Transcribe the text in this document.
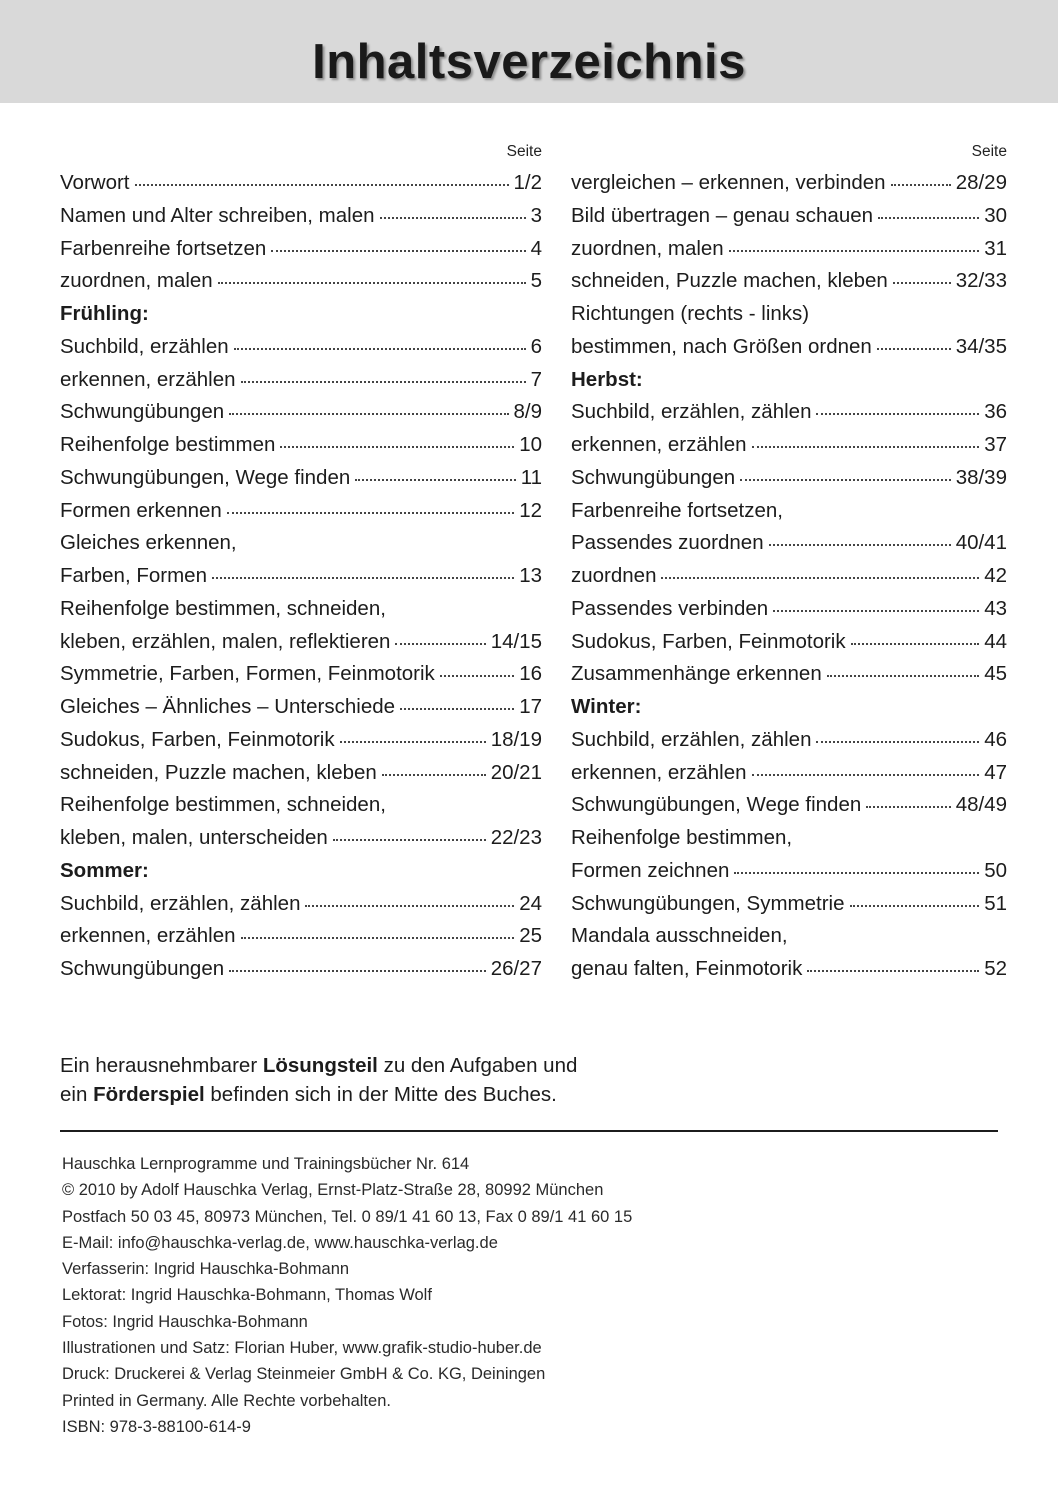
Inhaltsverzeichnis
Seite
Vorwort	1/2
Namen und Alter schreiben, malen	3
Farbenreihe fortsetzen	4
zuordnen, malen	5
Frühling:
Suchbild, erzählen	6
erkennen, erzählen	7
Schwungübungen	8/9
Reihenfolge bestimmen	10
Schwungübungen, Wege finden	11
Formen erkennen	12
Gleiches erkennen,
Farben, Formen	13
Reihenfolge bestimmen, schneiden,
kleben, erzählen, malen, reflektieren	14/15
Symmetrie, Farben, Formen, Feinmotorik	16
Gleiches – Ähnliches – Unterschiede	17
Sudokus, Farben, Feinmotorik	18/19
schneiden, Puzzle machen, kleben	20/21
Reihenfolge bestimmen, schneiden,
kleben, malen, unterscheiden	22/23
Sommer:
Suchbild, erzählen, zählen	24
erkennen, erzählen	25
Schwungübungen	26/27
Seite
vergleichen – erkennen, verbinden	28/29
Bild übertragen – genau schauen	30
zuordnen, malen	31
schneiden, Puzzle machen, kleben	32/33
Richtungen (rechts - links)
bestimmen, nach Größen ordnen	34/35
Herbst:
Suchbild, erzählen, zählen	36
erkennen, erzählen	37
Schwungübungen	38/39
Farbenreihe fortsetzen,
Passendes zuordnen	40/41
zuordnen	42
Passendes verbinden	43
Sudokus, Farben, Feinmotorik	44
Zusammenhänge erkennen	45
Winter:
Suchbild, erzählen, zählen	46
erkennen, erzählen	47
Schwungübungen, Wege finden	48/49
Reihenfolge bestimmen,
Formen zeichnen	50
Schwungübungen, Symmetrie	51
Mandala ausschneiden,
genau falten, Feinmotorik	52
Ein herausnehmbarer Lösungsteil zu den Aufgaben und
ein Förderspiel befinden sich in der Mitte des Buches.
Hauschka Lernprogramme und Trainingsbücher Nr. 614
© 2010 by Adolf Hauschka Verlag, Ernst-Platz-Straße 28, 80992 München
Postfach 50 03 45, 80973 München, Tel. 0 89/1 41 60 13, Fax 0 89/1 41 60 15
E-Mail: info@hauschka-verlag.de, www.hauschka-verlag.de
Verfasserin: Ingrid Hauschka-Bohmann
Lektorat: Ingrid Hauschka-Bohmann, Thomas Wolf
Fotos: Ingrid Hauschka-Bohmann
Illustrationen und Satz: Florian Huber, www.grafik-studio-huber.de
Druck: Druckerei & Verlag Steinmeier GmbH & Co. KG, Deiningen
Printed in Germany. Alle Rechte vorbehalten.
ISBN: 978-3-88100-614-9
